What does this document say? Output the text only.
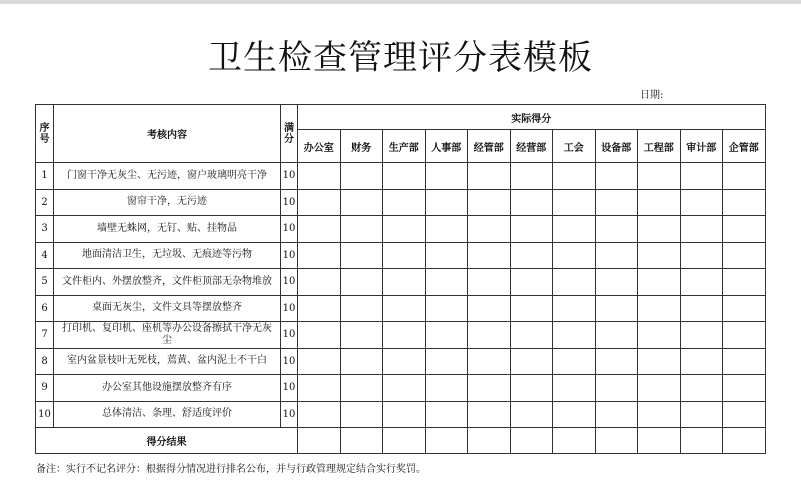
卫生检查管理评分表模板
日期:
序号	考核内容	满分	实际得分										
			办公室	财务	生产部	人事部	经管部	经营部	工会	设备部	工程部	审计部	企管部
1	门窗干净无灰尘、无污迹，窗户玻璃明亮干净	10											
2	窗帘干净，无污迹	10											
3	墙壁无蛛网，无钉、贴、挂物品	10											
4	地面清洁卫生，无垃圾、无痕迹等污物	10											
5	文件柜内、外摆放整齐，文件柜顶部无杂物堆放	10											
6	桌面无灰尘，文件文具等摆放整齐	10											
7	打印机、复印机、座机等办公设备擦拭干净无灰尘	10											
8	室内盆景枝叶无死枝，蔫黄、盆内泥土不干白	10											
9	办公室其他设施摆放整齐有序	10											
10	总体清洁、条理、舒适度评价	10											
得分结果													
备注：实行不记名评分：根据得分情况进行排名公布，并与行政管理规定结合实行奖罚。
